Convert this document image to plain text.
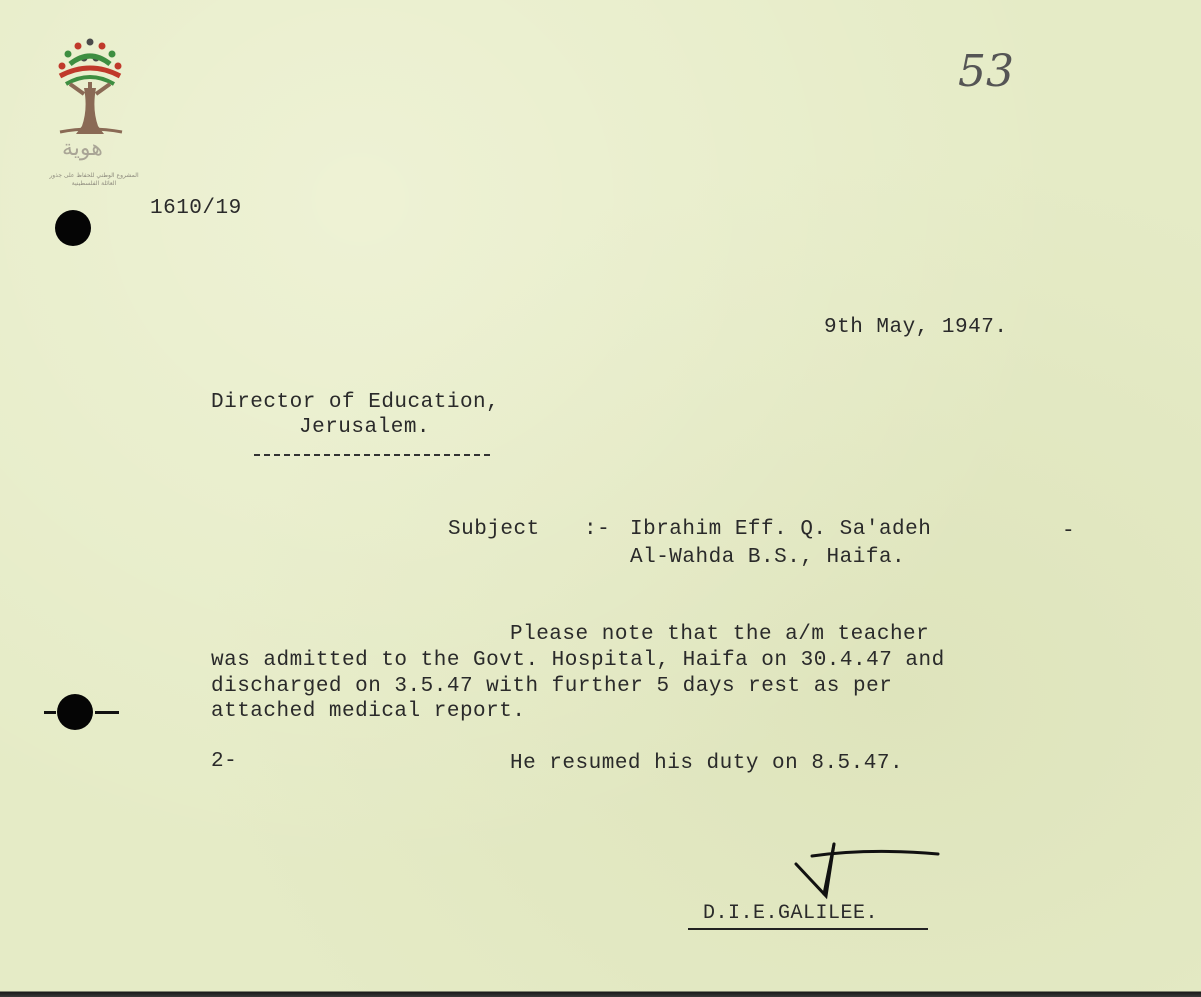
هوية
المشروع الوطني للحفاظ على جذور العائلة الفلسطينية
53
1610/19
9th May, 1947.
Director of Education,
Jerusalem.
Subject :- Ibrahim Eff. Q. Sa'adeh
Al-Wahda B.S., Haifa.
-
Please note that the a/m teacher
was admitted to the Govt. Hospital, Haifa on 30.4.47 and
discharged on 3.5.47 with further 5 days rest as per
attached medical report.
2-	He resumed his duty on 8.5.47.
D.I.E.GALILEE.
